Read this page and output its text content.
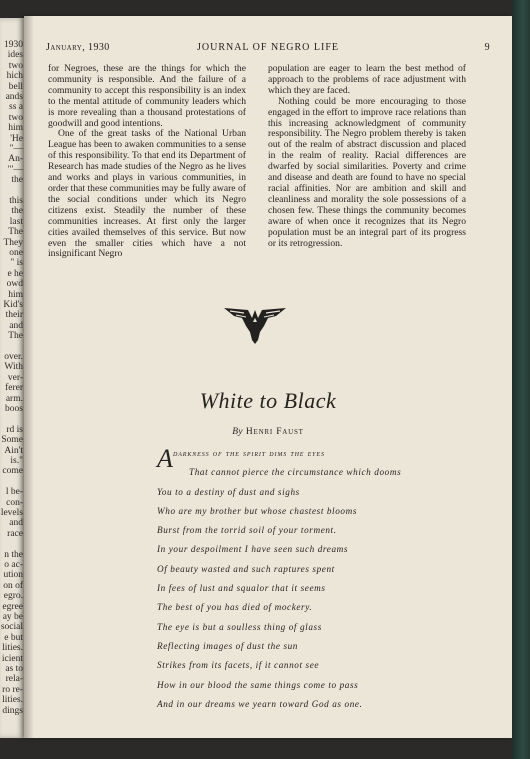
1930
ides
two
hich
bell
ands
ss a
two
him
'He
"—
An-
'"—
the
this
the
last
The
They
one
" is
e he
owd
him
Kid's
their
and
The
over.
With
ver-
ferer
arm.
boos
rd is
Some
Ain't
is."
come
l be-
con-
levels
and
race
n the
o ac-
ution
on of
egro.
egree
ay be
social
e but
lities.
icient
as to
rela-
ro re-
lities.
dings
January, 1930	JOURNAL OF NEGRO LIFE	9

for Negroes, these are the things for which the community is responsible. And the failure of a community to accept this responsibility is an index to the mental attitude of community leaders which is more revealing than a thousand protestations of goodwill and good intentions.

One of the great tasks of the National Urban League has been to awaken communities to a sense of this responsibility. To that end its Department of Research has made studies of the Negro as he lives and works and plays in various communities, in order that these communities may be fully aware of the social conditions under which its Negro citizens exist. Steadily the number of these communities increases. At first only the larger cities availed themselves of this service. But now even the smaller cities which have a not insignificant Negro

population are eager to learn the best method of approach to the problems of race adjustment with which they are faced.

Nothing could be more encouraging to those engaged in the effort to improve race relations than this increasing acknowledgment of community responsibility. The Negro problem thereby is taken out of the realm of abstract discussion and placed in the realm of reality. Racial differences are dwarfed by social similarities. Poverty and crime and disease and death are found to have no special racial affinities. Nor are ambition and skill and cleanliness and morality the sole possessions of a chosen few. These things the community becomes aware of when once it recognizes that its Negro population must be an integral part of its progress or its retrogression.

White to Black
By Henri Faust
A darkness of the spirit dims the eyes
That cannot pierce the circumstance which dooms
You to a destiny of dust and sighs
Who are my brother but whose chastest blooms
Burst from the torrid soil of your torment.
In your despoilment I have seen such dreams
Of beauty wasted and such raptures spent
In fees of lust and squalor that it seems
The best of you has died of mockery.
The eye is but a soulless thing of glass
Reflecting images of dust the sun
Strikes from its facets, if it cannot see
How in our blood the same things come to pass
And in our dreams we yearn toward God as one.
